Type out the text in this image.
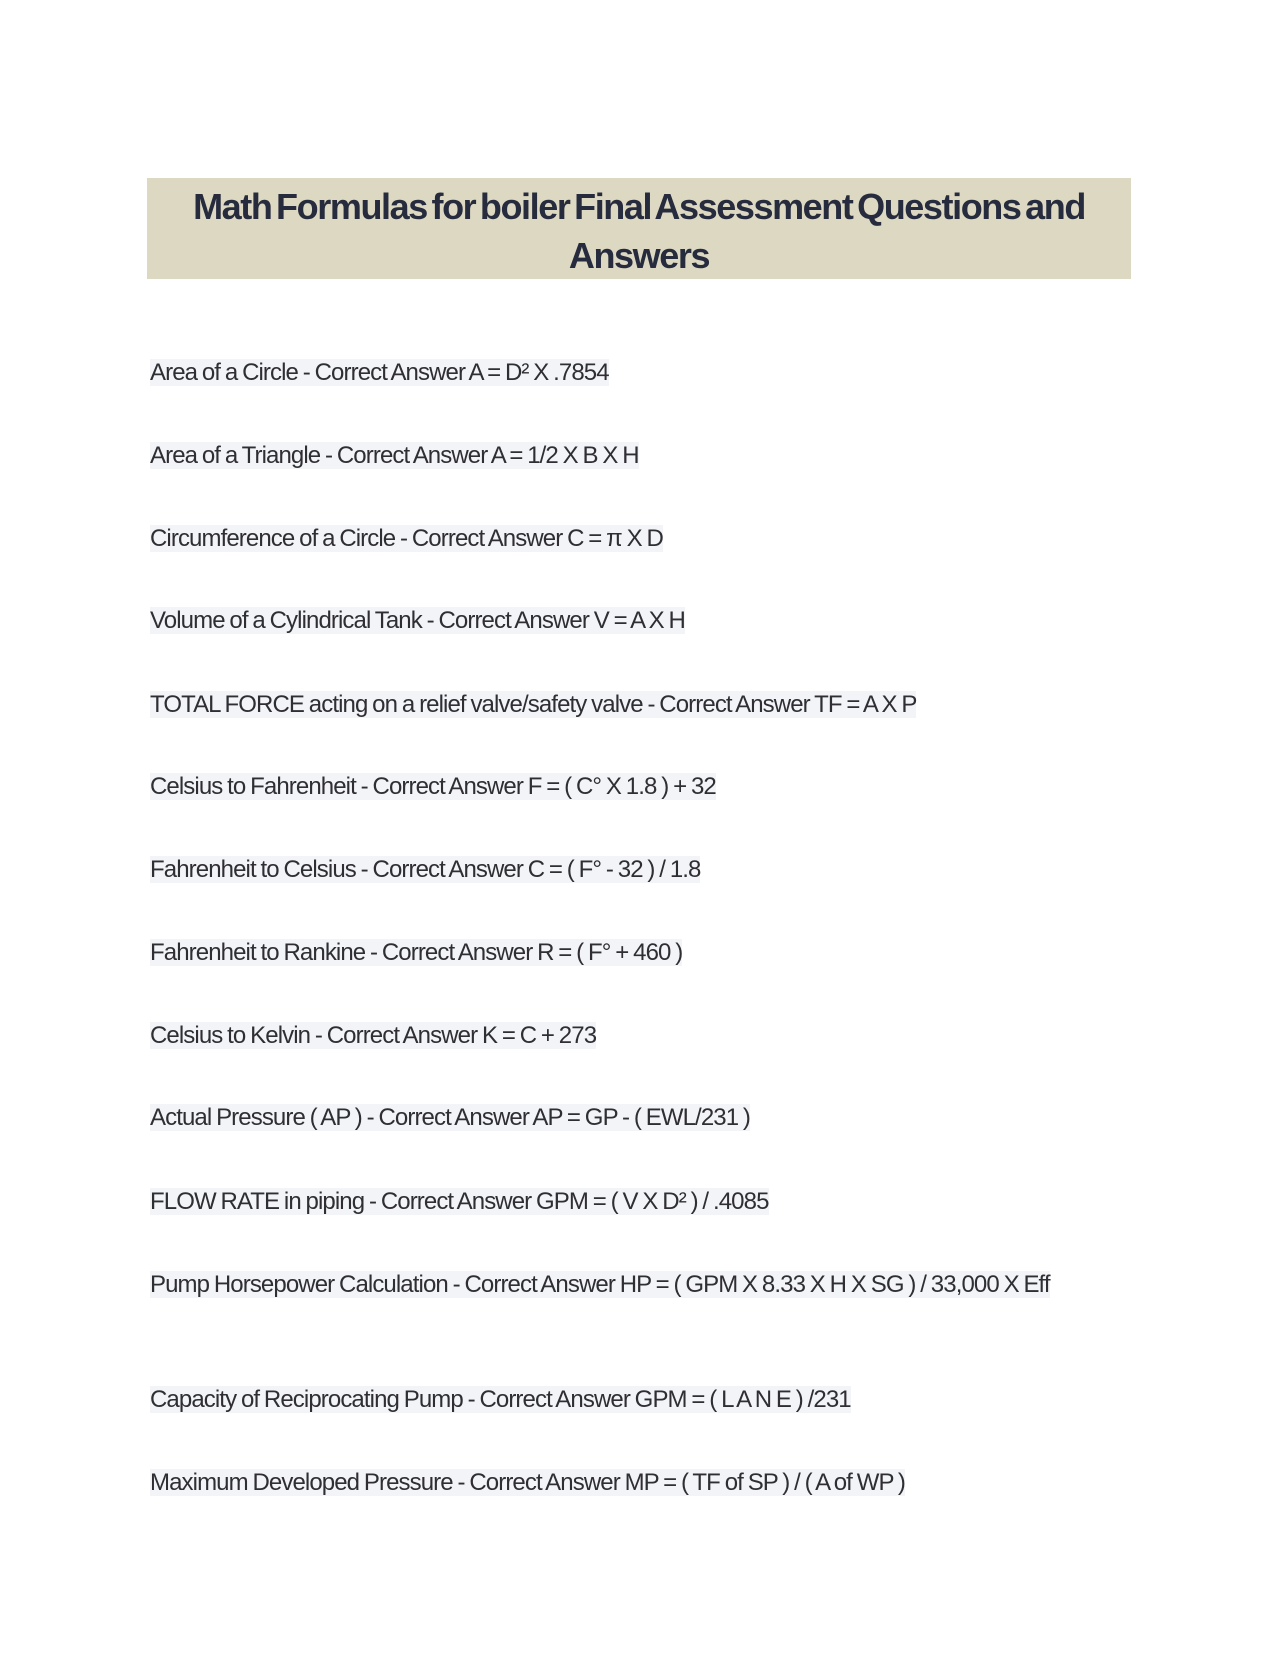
Math Formulas for boiler Final Assessment Questions and Answers
Area of a Circle - Correct Answer A = D² X .7854
Area of a Triangle - Correct Answer A = 1/2 X B X H
Circumference of a Circle - Correct Answer C = π X D
Volume of a Cylindrical Tank - Correct Answer V = A X H
TOTAL FORCE acting on a relief valve/safety valve - Correct Answer TF = A X P
Celsius to Fahrenheit - Correct Answer F = ( C° X 1.8 ) + 32
Fahrenheit to Celsius - Correct Answer C = ( F° - 32 ) / 1.8
Fahrenheit to Rankine - Correct Answer R = ( F° + 460 )
Celsius to Kelvin - Correct Answer K = C + 273
Actual Pressure ( AP ) - Correct Answer AP = GP - ( EWL/231 )
FLOW RATE in piping - Correct Answer GPM = ( V X D² ) / .4085
Pump Horsepower Calculation - Correct Answer HP = ( GPM X 8.33 X H X SG ) / 33,000 X Eff
Capacity of Reciprocating Pump - Correct Answer GPM = ( L A N E ) /231
Maximum Developed Pressure - Correct Answer MP = ( TF of SP ) / ( A of WP )
